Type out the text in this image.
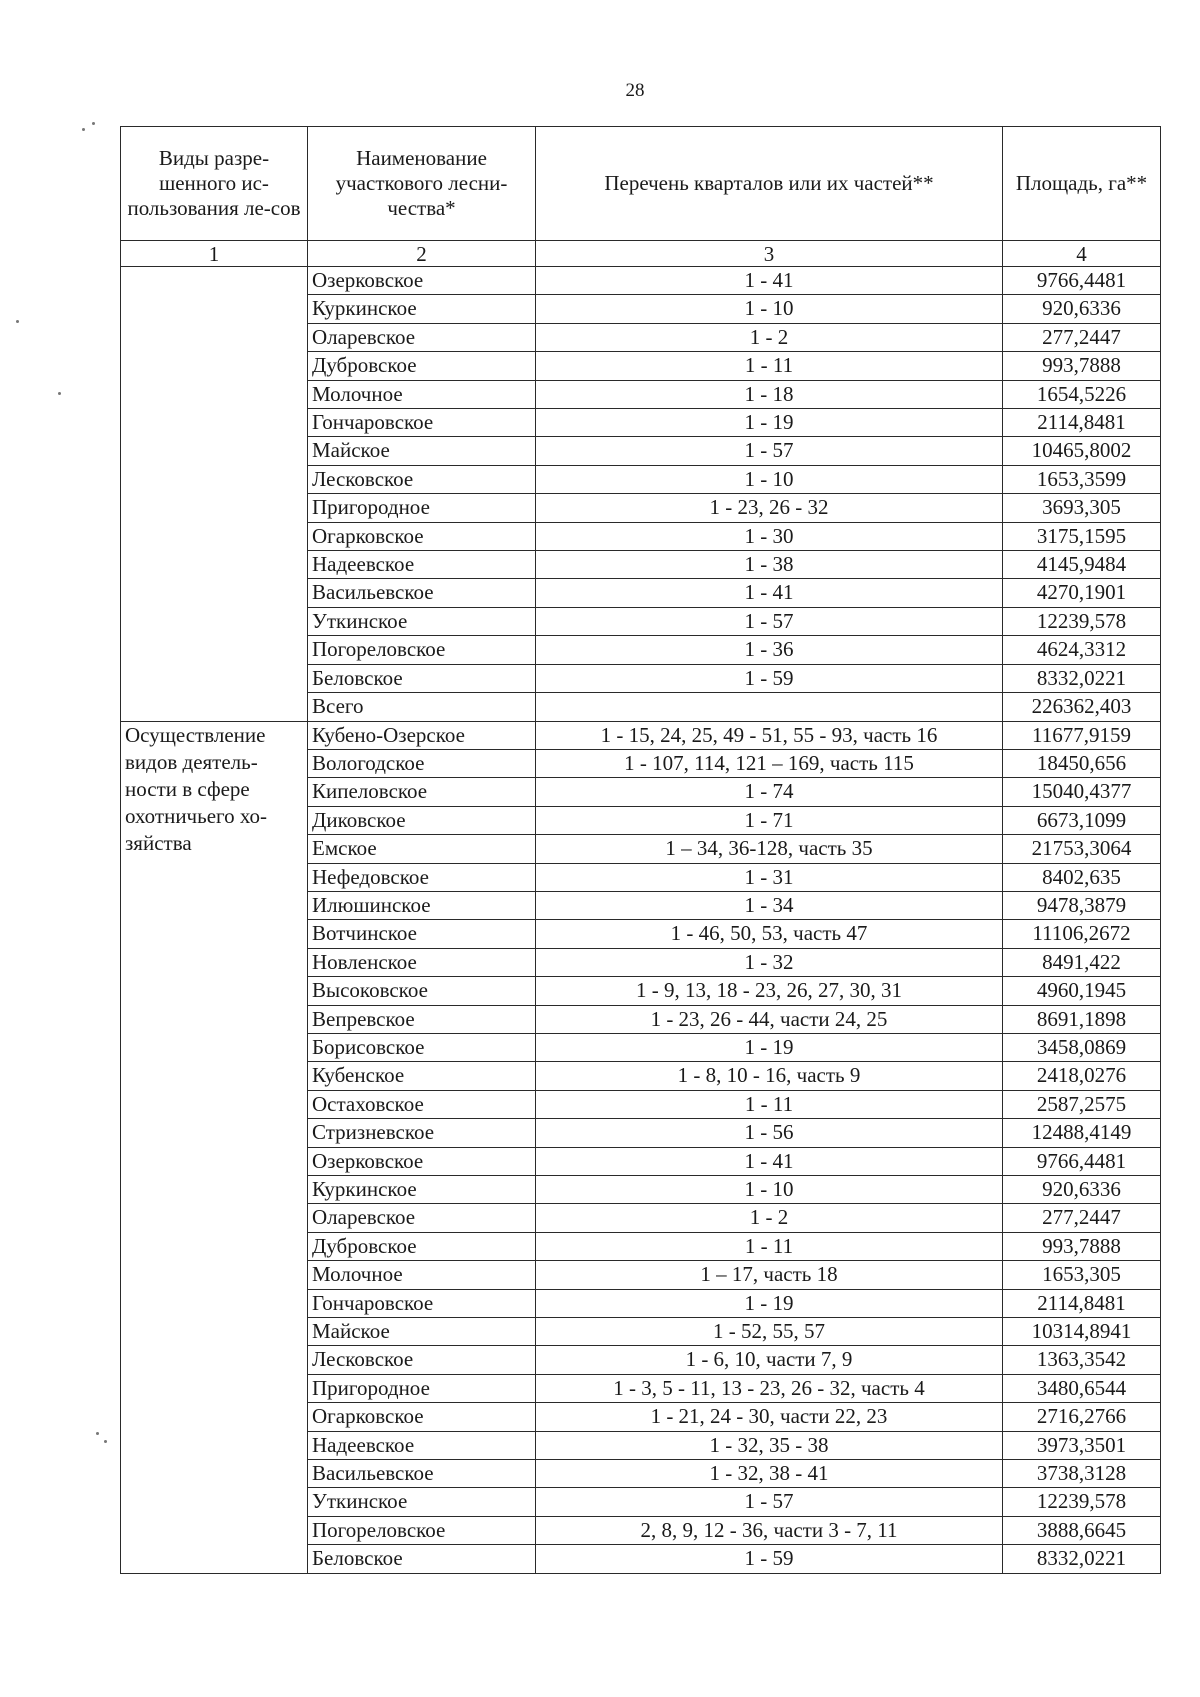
28
Виды разре-шенного ис-пользования ле-сов	Наименование участкового лесни-чества*	Перечень кварталов или их частей**	Площадь, га**
1	2	3	4
	Озерковское	1 - 41	9766,4481
	Куркинское	1 - 10	920,6336
	Оларевское	1 - 2	277,2447
	Дубровское	1 - 11	993,7888
	Молочное	1 - 18	1654,5226
	Гончаровское	1 - 19	2114,8481
	Майское	1 - 57	10465,8002
	Лесковское	1 - 10	1653,3599
	Пригородное	1 - 23, 26 - 32	3693,305
	Огарковское	1 - 30	3175,1595
	Надеевское	1 - 38	4145,9484
	Васильевское	1 - 41	4270,1901
	Уткинское	1 - 57	12239,578
	Погореловское	1 - 36	4624,3312
	Беловское	1 - 59	8332,0221
	Всего		226362,403
Осуществление видов деятель-ности в сфере охотничьего хо-зяйства	Кубено-Озерское	1 - 15, 24, 25, 49 - 51, 55 - 93, часть 16	11677,9159
	Вологодское	1 - 107, 114, 121 – 169, часть 115	18450,656
	Кипеловское	1 - 74	15040,4377
	Диковское	1 - 71	6673,1099
	Емское	1 – 34, 36-128, часть 35	21753,3064
	Нефедовское	1 - 31	8402,635
	Илюшинское	1 - 34	9478,3879
	Вотчинское	1 - 46, 50, 53, часть 47	11106,2672
	Новленское	1 - 32	8491,422
	Высоковское	1 - 9, 13, 18 - 23, 26, 27, 30, 31	4960,1945
	Вепревское	1 - 23, 26 - 44, части 24, 25	8691,1898
	Борисовское	1 - 19	3458,0869
	Кубенское	1 - 8, 10 - 16, часть 9	2418,0276
	Остаховское	1 - 11	2587,2575
	Стризневское	1 - 56	12488,4149
	Озерковское	1 - 41	9766,4481
	Куркинское	1 - 10	920,6336
	Оларевское	1 - 2	277,2447
	Дубровское	1 - 11	993,7888
	Молочное	1 – 17, часть 18	1653,305
	Гончаровское	1 - 19	2114,8481
	Майское	1 - 52, 55, 57	10314,8941
	Лесковское	1 - 6, 10, части 7, 9	1363,3542
	Пригородное	1 - 3, 5 - 11, 13 - 23, 26 - 32, часть 4	3480,6544
	Огарковское	1 - 21, 24 - 30, части 22, 23	2716,2766
	Надеевское	1 - 32, 35 - 38	3973,3501
	Васильевское	1 - 32, 38 - 41	3738,3128
	Уткинское	1 - 57	12239,578
	Погореловское	2, 8, 9, 12 - 36, части 3 - 7, 11	3888,6645
	Беловское	1 - 59	8332,0221
